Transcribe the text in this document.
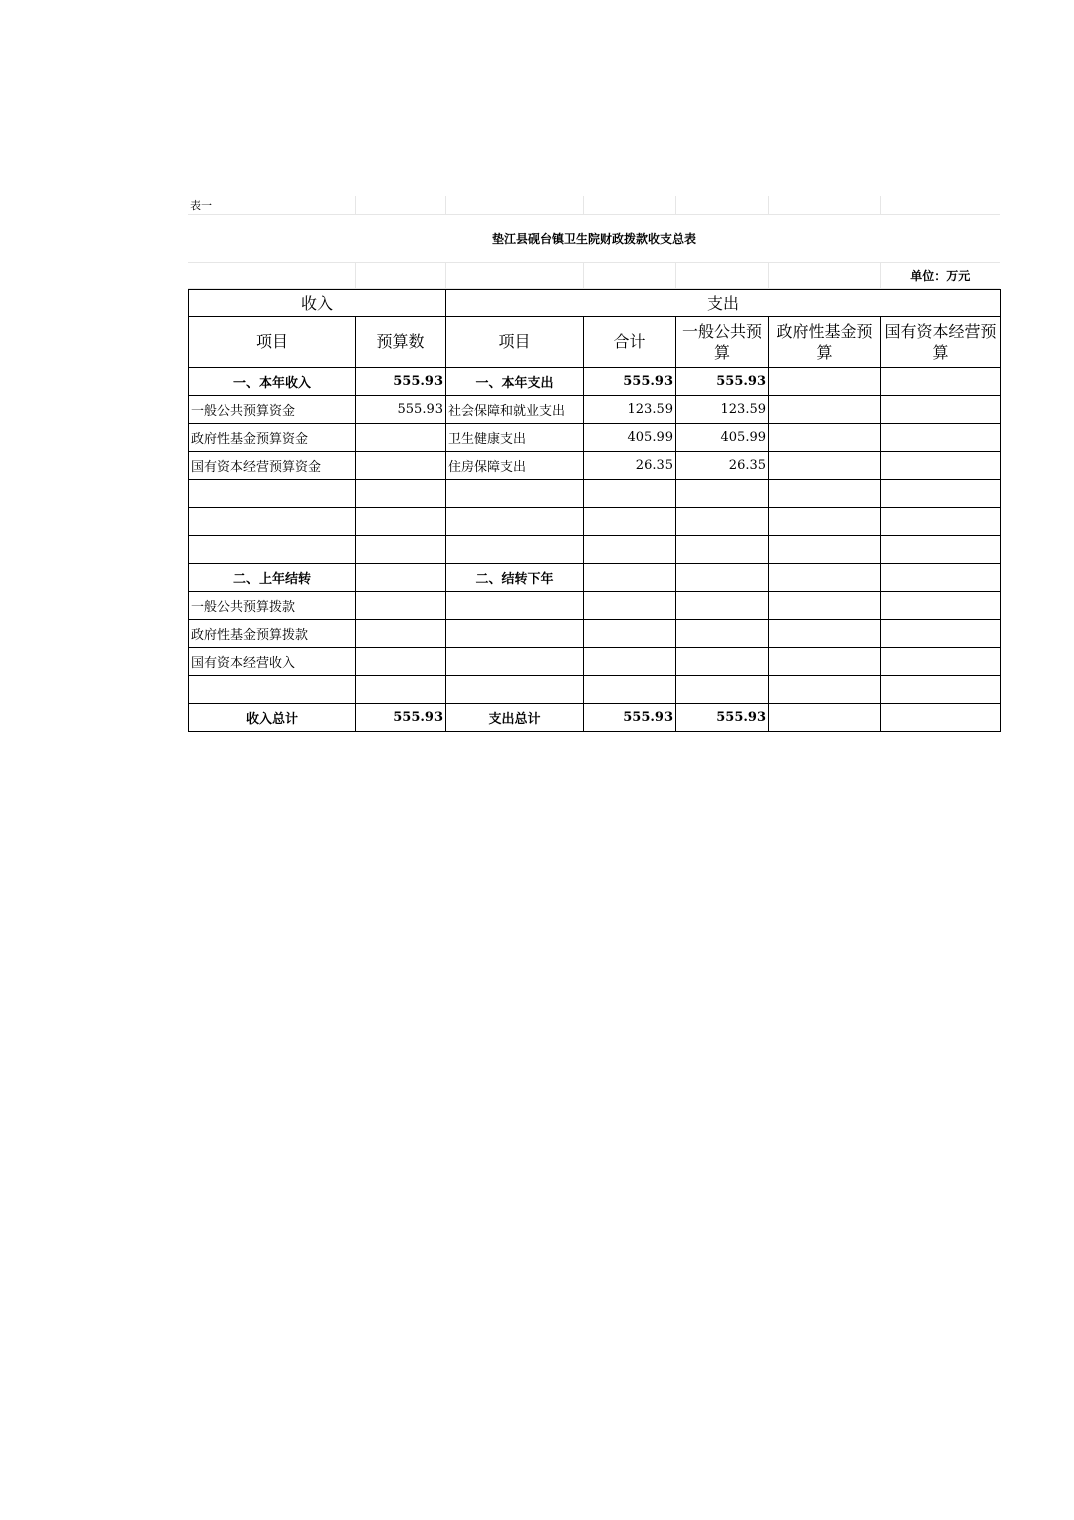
表一						
垫江县砚台镇卫生院财政拨款收支总表						
						单位：万元
收入		支出				
项目	预算数	项目	合计	一般公共预算	政府性基金预算	国有资本经营预算
一、本年收入	555.93	一、本年支出	555.93	555.93		
一般公共预算资金	555.93	社会保障和就业支出	123.59	123.59		
政府性基金预算资金		卫生健康支出	405.99	405.99		
国有资本经营预算资金		住房保障支出	26.35	26.35		

二、上年结转		二、结转下年				
一般公共预算拨款						
政府性基金预算拨款						
国有资本经营收入						

收入总计	555.93	支出总计	555.93	555.93		
